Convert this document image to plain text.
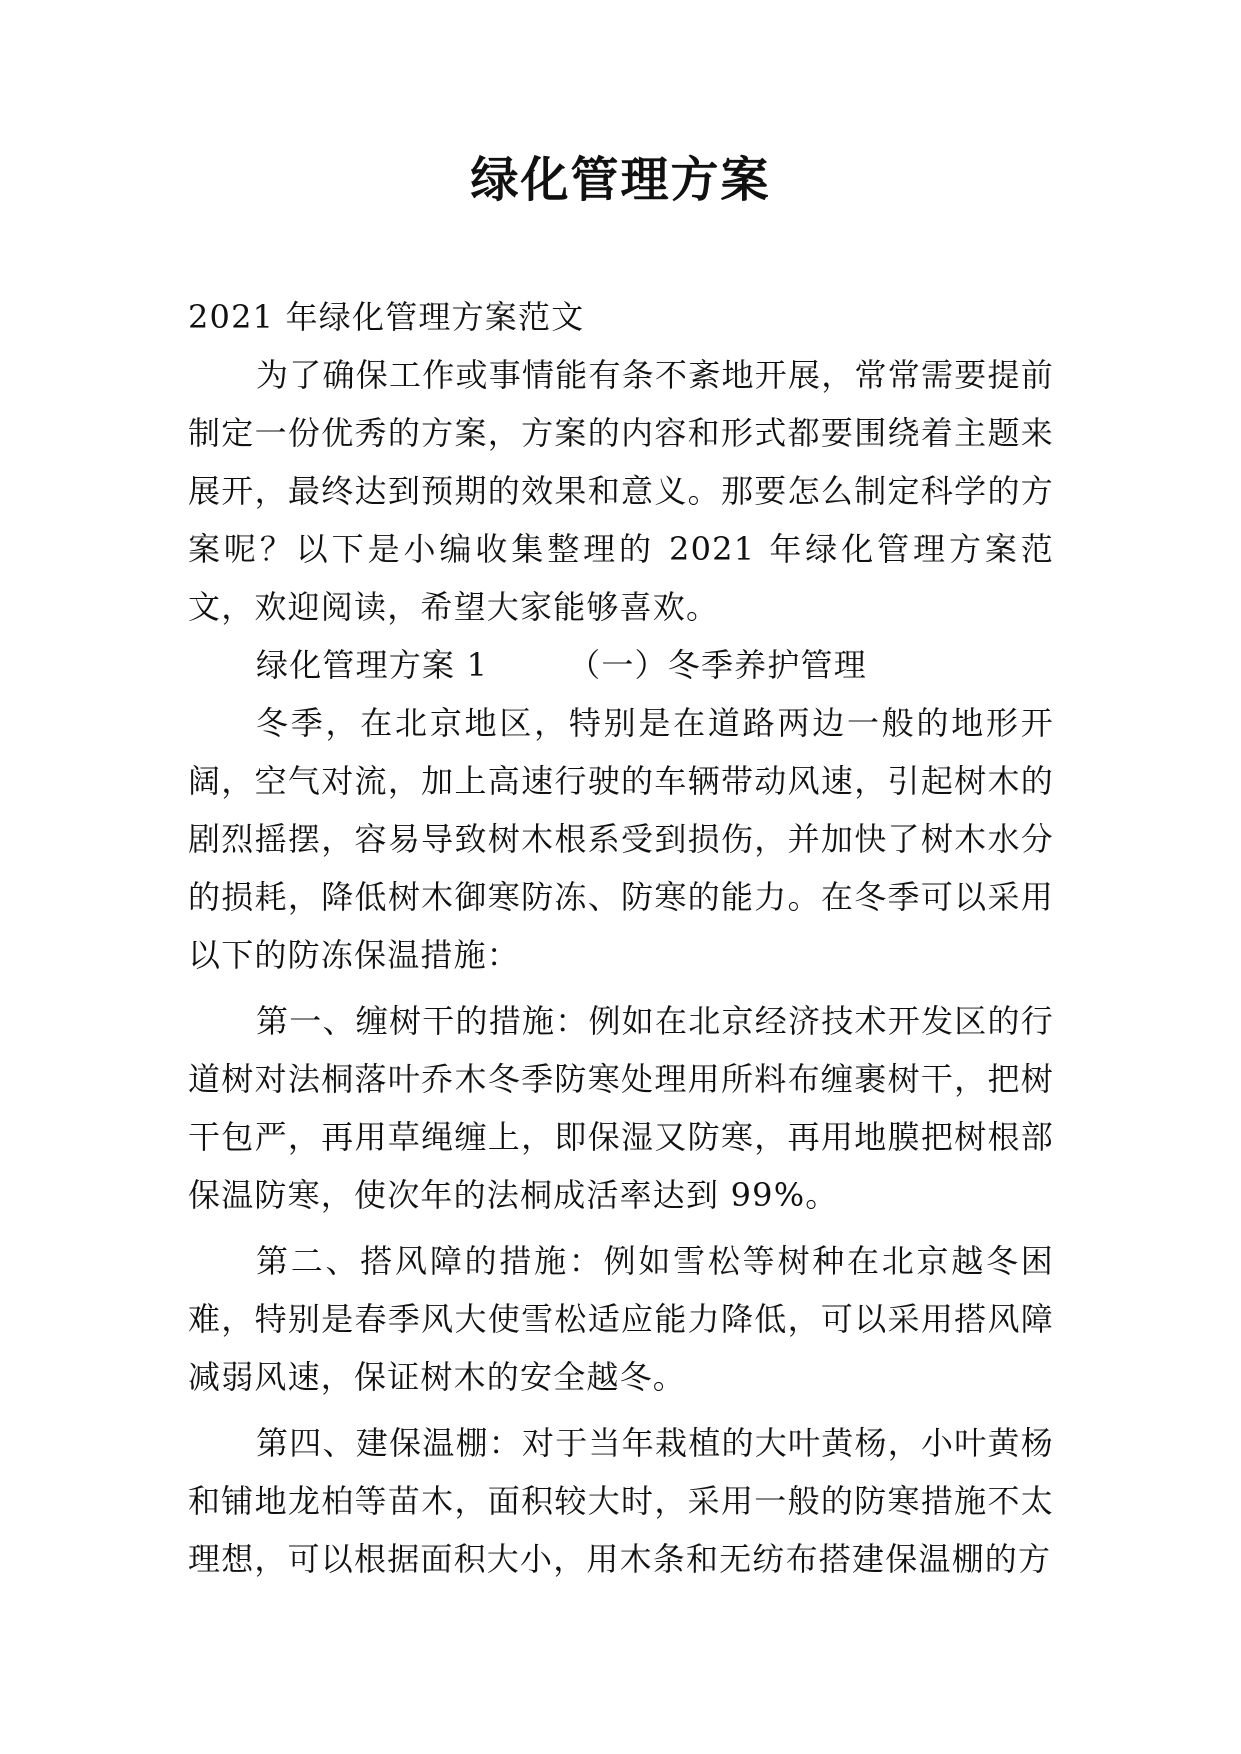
绿化管理方案

2021 年绿化管理方案范文

为了确保工作或事情能有条不紊地开展，常常需要提前制定一份优秀的方案，方案的内容和形式都要围绕着主题来展开，最终达到预期的效果和意义。那要怎么制定科学的方案呢？以下是小编收集整理的 2021 年绿化管理方案范文，欢迎阅读，希望大家能够喜欢。

绿化管理方案 1	（一）冬季养护管理

冬季，在北京地区，特别是在道路两边一般的地形开阔，空气对流，加上高速行驶的车辆带动风速，引起树木的剧烈摇摆，容易导致树木根系受到损伤，并加快了树木水分的损耗，降低树木御寒防冻、防寒的能力。在冬季可以采用以下的防冻保温措施：

第一、缠树干的措施：例如在北京经济技术开发区的行道树对法桐落叶乔木冬季防寒处理用所料布缠裹树干，把树干包严，再用草绳缠上，即保湿又防寒，再用地膜把树根部保温防寒，使次年的法桐成活率达到 99%。

第二、搭风障的措施：例如雪松等树种在北京越冬困难，特别是春季风大使雪松适应能力降低，可以采用搭风障减弱风速，保证树木的安全越冬。

第四、建保温棚：对于当年栽植的大叶黄杨，小叶黄杨和铺地龙柏等苗木，面积较大时，采用一般的防寒措施不太理想，可以根据面积大小，用木条和无纺布搭建保温棚的方
